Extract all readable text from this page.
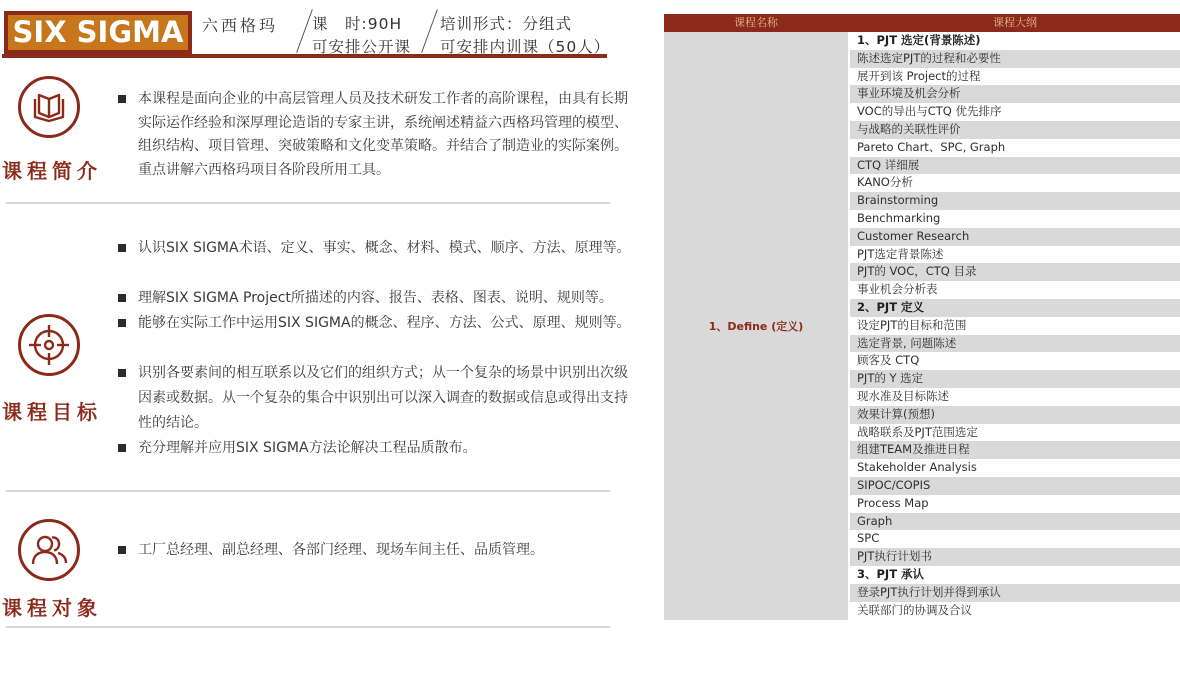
SIX SIGMA 六西格玛 课　时:90H
可安排公开课
培训形式：分组式
可安排内训课（50人）
课程简介
本课程是面向企业的中高层管理人员及技术研发工作者的高阶课程，由具有长期实际运作经验和深厚理论造诣的专家主讲，系统阐述精益六西格玛管理的模型、组织结构、项目管理、突破策略和文化变革策略。并结合了制造业的实际案例。重点讲解六西格玛项目各阶段所用工具。
课程目标
认识SIX SIGMA术语、定义、事实、概念、材料、模式、顺序、方法、原理等。
理解SIX SIGMA Project所描述的内容、报告、表格、图表、说明、规则等。
能够在实际工作中运用SIX SIGMA的概念、程序、方法、公式、原理、规则等。
识别各要素间的相互联系以及它们的组织方式；从一个复杂的场景中识别出次级因素或数据。从一个复杂的集合中识别出可以深入调查的数据或信息或得出支持性的结论。
充分理解并应用SIX SIGMA方法论解决工程品质散布。
课程对象
工厂总经理、副总经理、各部门经理、现场车间主任、品质管理。
课程名称	课程大纲
1、Define (定义)
1、PJT 选定(背景陈述)
陈述选定PJT的过程和必要性
展开到该 Project的过程
事业环境及机会分析
VOC的导出与CTQ 优先排序
与战略的关联性评价
Pareto Chart、SPC, Graph
CTQ 详细展
KANO分析
Brainstorming
Benchmarking
Customer Research
PJT选定背景陈述
PJT的 VOC，CTQ 目录
事业机会分析表
2、PJT 定义
设定PJT的目标和范围
选定背景, 问题陈述
顾客及 CTQ
PJT的 Y 选定
现水准及目标陈述
效果计算(预想)
战略联系及PJT范围选定
组建TEAM及推进日程
Stakeholder Analysis
SIPOC/COPIS
Process Map
Graph
SPC
PJT执行计划书
3、PJT 承认
登录PJT执行计划并得到承认
关联部门的协调及合议
